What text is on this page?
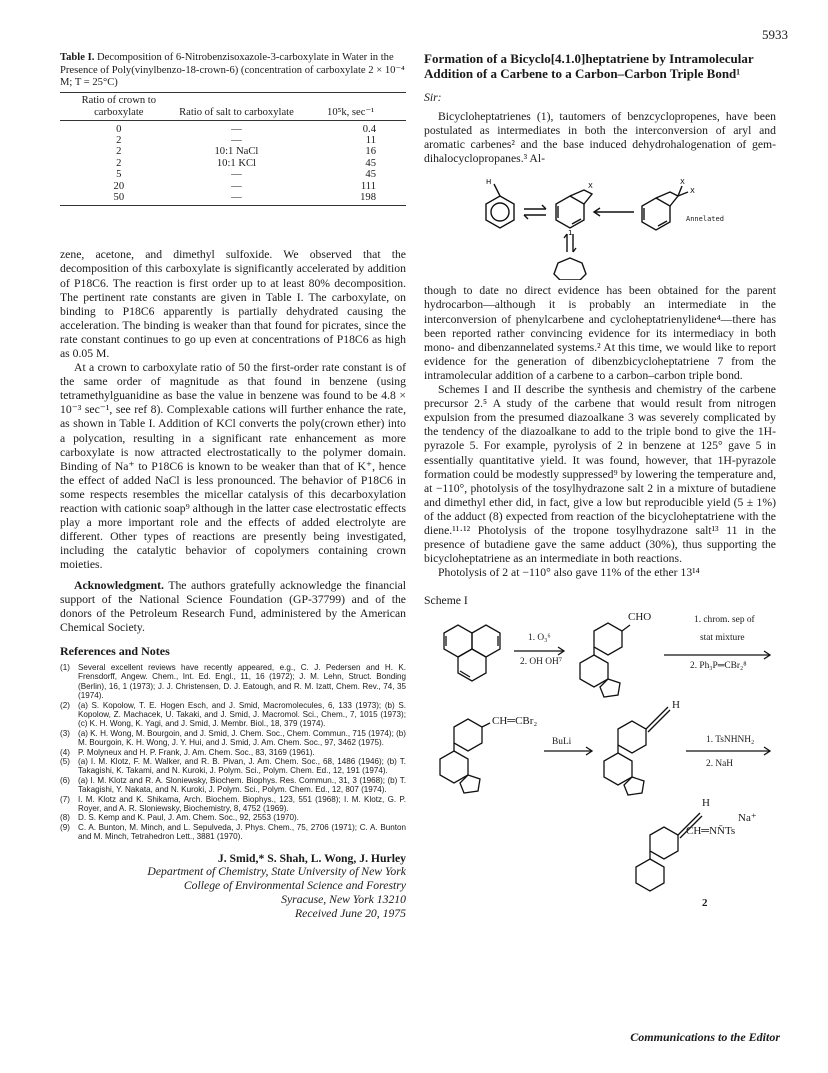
5933
Table I. Decomposition of 6-Nitrobenzisoxazole-3-carboxylate in Water in the Presence of Poly(vinylbenzo-18-crown-6) (concentration of carboxylate 2 × 10⁻⁴ M; T = 25°C)
Ratio of crown to carboxylate	Ratio of salt to carboxylate	10⁵k, sec⁻¹
0	—	0.4
2	—	11
2	10:1 NaCl	16
2	10:1 KCl	45
5	—	45
20	—	111
50	—	198

zene, acetone, and dimethyl sulfoxide. We observed that the decomposition of this carboxylate is significantly accelerated by addition of P18C6. The reaction is first order up to at least 80% decomposition. The pertinent rate constants are given in Table I. The carboxylate, on binding to P18C6 apparently is partially dehydrated causing the acceleration. The binding is weaker than that found for picrates, since the rate constant continues to go up even at concentrations of P18C6 as high as 0.05 M.

At a crown to carboxylate ratio of 50 the first-order rate constant is of the same order of magnitude as that found in benzene (using tetramethylguanidine as base the value in benzene was found to be 4.8 × 10⁻³ sec⁻¹, see ref 8). Complexable cations will further enhance the rate, as shown in Table I. Addition of KCl converts the poly(crown ether) into a polycation, resulting in a significant rate enhancement as more carboxylate is now attracted electrostatically to the polymer domain. Binding of Na⁺ to P18C6 is known to be weaker than that of K⁺, hence the effect of added NaCl is less pronounced. The behavior of P18C6 in some respects resembles the micellar catalysis of this decarboxylation reaction with cationic soap⁹ although in the latter case electrostatic effects play a more important role and the effects of added electrolyte are different. Other types of reactions are presently being investigated, including the catalytic behavior of copolymers containing crown moieties.

Acknowledgment. The authors gratefully acknowledge the financial support of the National Science Foundation (GP-37799) and of the donors of the Petroleum Research Fund, administered by the American Chemical Society.

References and Notes
(1) Several excellent reviews have recently appeared, e.g., C. J. Pedersen and H. K. Frensdorff, Angew. Chem., Int. Ed. Engl., 11, 16 (1972); J. M. Lehn, Struct. Bonding (Berlin), 16, 1 (1973); J. J. Christensen, D. J. Eatough, and R. M. Izatt, Chem. Rev., 74, 35 (1974).
(2) (a) S. Kopolow, T. E. Hogen Esch, and J. Smid, Macromolecules, 6, 133 (1973); (b) S. Kopolow, Z. Machacek, U. Takaki, and J. Smid, J. Macromol. Sci., Chem., 7, 1015 (1973); (c) K. H. Wong, K. Yagi, and J. Smid, J. Membr. Biol., 18, 379 (1974).
(3) (a) K. H. Wong, M. Bourgoin, and J. Smid, J. Chem. Soc., Chem. Commun., 715 (1974); (b) M. Bourgoin, K. H. Wong, J. Y. Hui, and J. Smid, J. Am. Chem. Soc., 97, 3462 (1975).
(4) P. Molyneux and H. P. Frank, J. Am. Chem. Soc., 83, 3169 (1961).
(5) (a) I. M. Klotz, F. M. Walker, and R. B. Pivan, J. Am. Chem. Soc., 68, 1486 (1946); (b) T. Takagishi, K. Takami, and N. Kuroki, J. Polym. Sci., Polym. Chem. Ed., 12, 191 (1974).
(6) (a) I. M. Klotz and R. A. Sloniewsky, Biochem. Biophys. Res. Commun., 31, 3 (1968); (b) T. Takagishi, Y. Nakata, and N. Kuroki, J. Polym. Sci., Polym. Chem. Ed., 12, 807 (1974).
(7) I. M. Klotz and K. Shikama, Arch. Biochem. Biophys., 123, 551 (1968); I. M. Klotz, G. P. Royer, and A. R. Sloniewsky, Biochemistry, 8, 4752 (1969).
(8) D. S. Kemp and K. Paul, J. Am. Chem. Soc., 92, 2553 (1970).
(9) C. A. Bunton, M. Minch, and L. Sepulveda, J. Phys. Chem., 75, 2706 (1971); C. A. Bunton and M. Minch, Tetrahedron Lett., 3881 (1970).
J. Smid,* S. Shah, L. Wong, J. Hurley
Department of Chemistry, State University of New York
College of Environmental Science and Forestry
Syracuse, New York 13210
Received June 20, 1975
Formation of a Bicyclo[4.1.0]heptatriene by Intramolecular Addition of a Carbene to a Carbon–Carbon Triple Bond¹
Sir:

Bicycloheptatrienes (1), tautomers of benzcyclopropenes, have been postulated as intermediates in both the interconversion of aryl and aromatic carbenes² and the base induced dehydrohalogenation of gem-dihalocyclopropanes.³ Al-

H	X
X
X
1
Annelated

though to date no direct evidence has been obtained for the parent hydrocarbon—although it is probably an intermediate in the interconversion of phenylcarbene and cycloheptatrienylidene⁴—there has been reported rather convincing evidence for its intermediacy in both mono- and dibenzannelated systems.² At this time, we would like to report evidence for the generation of dibenzbicycloheptatriene 7 from the intramolecular addition of a carbene to a carbon–carbon triple bond.

Schemes I and II describe the synthesis and chemistry of the carbene precursor 2.⁵ A study of the carbene that would result from nitrogen expulsion from the presumed diazoalkane 3 was severely complicated by the tendency of the diazoalkane to add to the triple bond to give the 1H-pyrazole 5. For example, pyrolysis of 2 in benzene at 125° gave 5 in essentially quantitative yield. It was found, however, that 1H-pyrazole formation could be modestly suppressed⁹ by lowering the temperature and, at −110°, photolysis of the tosylhydrazone salt 2 in a mixture of butadiene and dimethyl ether did, in fact, give a low but reproducible yield (5 ± 1%) of the adduct (8) expected from reaction of the bicycloheptatriene with the diene.¹¹·¹² Photolysis of the tropone tosylhydrazone salt¹³ 11 in the presence of butadiene gave the same adduct (30%), thus supporting the bicycloheptatriene as an intermediate in both reactions.

Photolysis of 2 at −110° also gave 11% of the ether 13¹⁴

Scheme I
CHO
1. O₃⁶
2. OH OH⁷
1. chrom. sep of
stat mixture
2. Ph₃P═CBr₂⁸
CH═CBr₂
BuLi
H
1. TsNHNH₂
2. NaH
H
Na⁺
CH═NN̄Ts
2
Communications to the Editor
